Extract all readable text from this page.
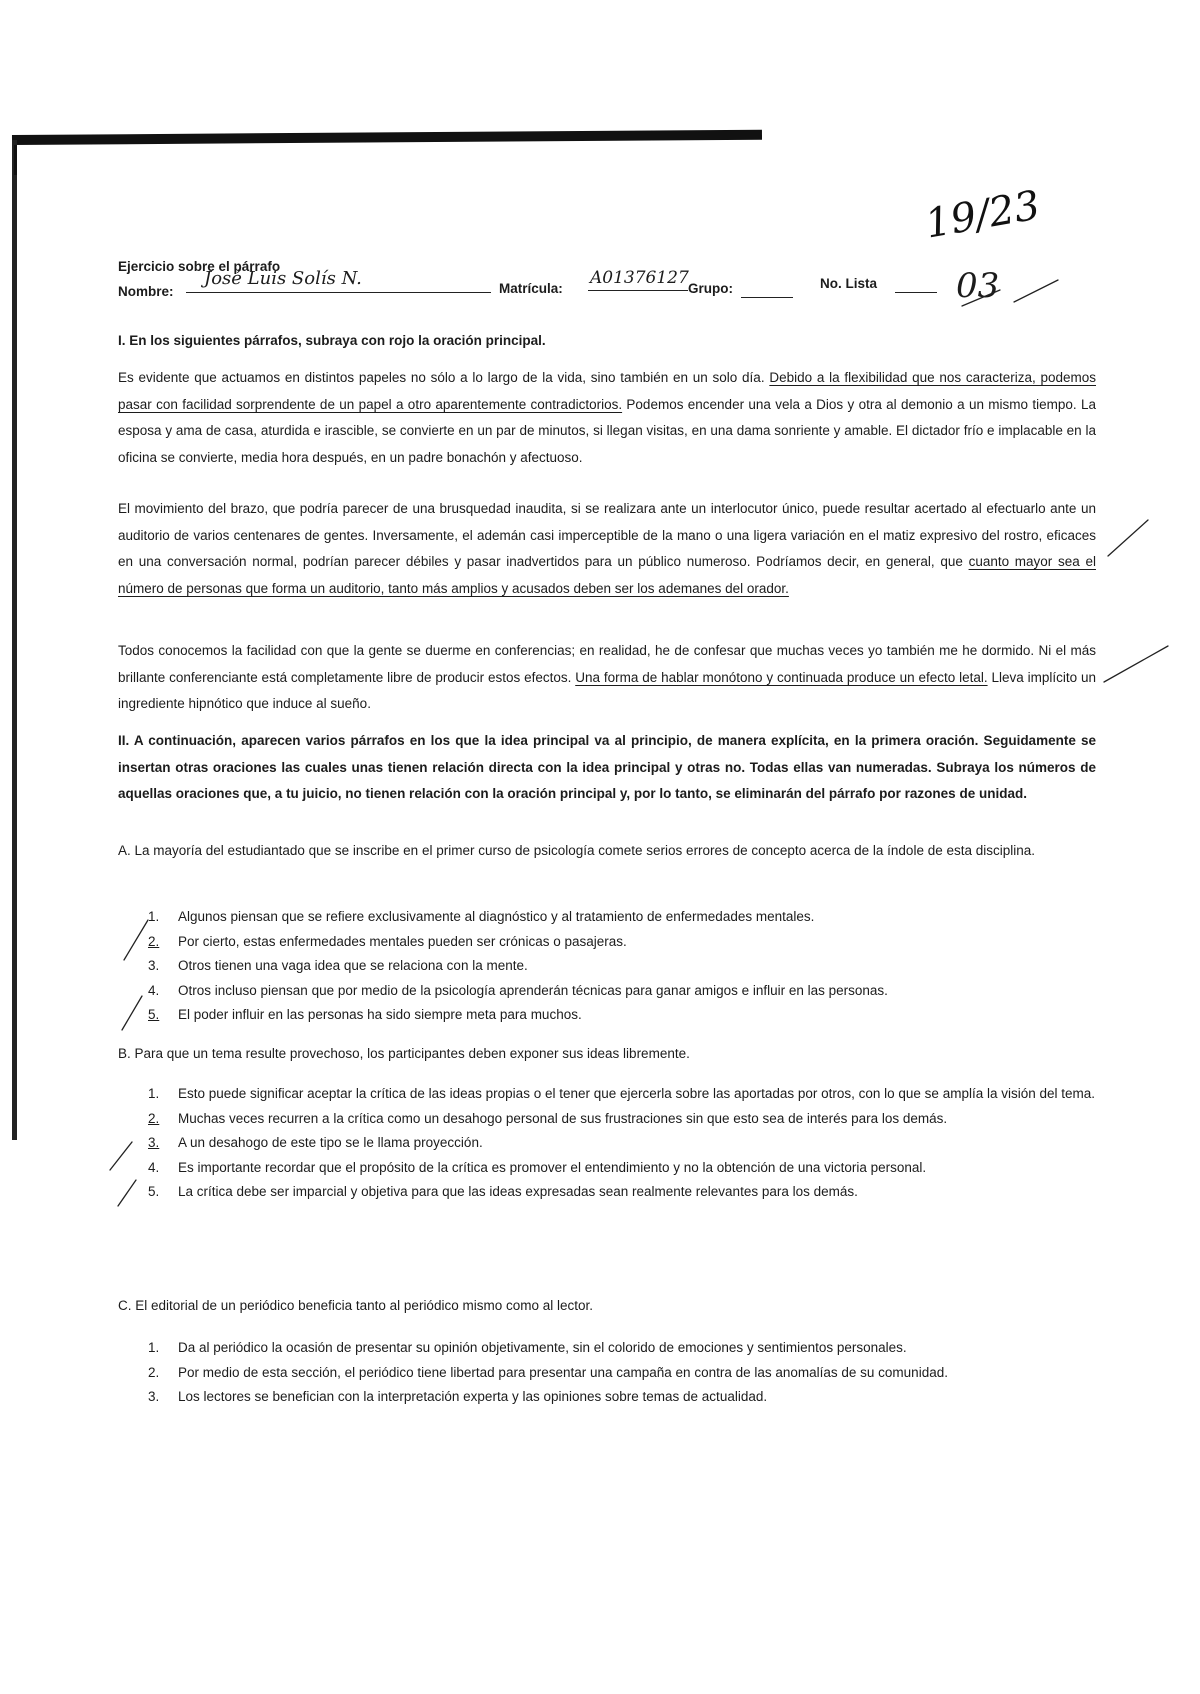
19/23
Ejercicio sobre el párrafo
Nombre:
José Luis Solís N.	Matrícula:
A01376127
Grupo:	No. Lista 03
I. En los siguientes párrafos, subraya con rojo la oración principal.
Es evidente que actuamos en distintos papeles no sólo a lo largo de la vida, sino también en un solo día. Debido a la flexibilidad que nos caracteriza, podemos pasar con facilidad sorprendente de un papel a otro aparentemente contradictorios. Podemos encender una vela a Dios y otra al demonio a un mismo tiempo. La esposa y ama de casa, aturdida e irascible, se convierte en un par de minutos, si llegan visitas, en una dama sonriente y amable. El dictador frío e implacable en la oficina se convierte, media hora después, en un padre bonachón y afectuoso.
El movimiento del brazo, que podría parecer de una brusquedad inaudita, si se realizara ante un interlocutor único, puede resultar acertado al efectuarlo ante un auditorio de varios centenares de gentes. Inversamente, el ademán casi imperceptible de la mano o una ligera variación en el matiz expresivo del rostro, eficaces en una conversación normal, podrían parecer débiles y pasar inadvertidos para un público numeroso. Podríamos decir, en general, que cuanto mayor sea el número de personas que forma un auditorio, tanto más amplios y acusados deben ser los ademanes del orador.
Todos conocemos la facilidad con que la gente se duerme en conferencias; en realidad, he de confesar que muchas veces yo también me he dormido. Ni el más brillante conferenciante está completamente libre de producir estos efectos. Una forma de hablar monótono y continuada produce un efecto letal. Lleva implícito un ingrediente hipnótico que induce al sueño.
II. A continuación, aparecen varios párrafos en los que la idea principal va al principio, de manera explícita, en la primera oración. Seguidamente se insertan otras oraciones las cuales unas tienen relación directa con la idea principal y otras no. Todas ellas van numeradas. Subraya los números de aquellas oraciones que, a tu juicio, no tienen relación con la oración principal y, por lo tanto, se eliminarán del párrafo por razones de unidad.
A. La mayoría del estudiantado que se inscribe en el primer curso de psicología comete serios errores de concepto acerca de la índole de esta disciplina.
1.	Algunos piensan que se refiere exclusivamente al diagnóstico y al tratamiento de enfermedades mentales.
2.	Por cierto, estas enfermedades mentales pueden ser crónicas o pasajeras.
3.	Otros tienen una vaga idea que se relaciona con la mente.
4.	Otros incluso piensan que por medio de la psicología aprenderán técnicas para ganar amigos e influir en las personas.
5.	El poder influir en las personas ha sido siempre meta para muchos.
B. Para que un tema resulte provechoso, los participantes deben exponer sus ideas libremente.
1.	Esto puede significar aceptar la crítica de las ideas propias o el tener que ejercerla sobre las aportadas por otros, con lo que se amplía la visión del tema.
2.	Muchas veces recurren a la crítica como un desahogo personal de sus frustraciones sin que esto sea de interés para los demás.
3.	A un desahogo de este tipo se le llama proyección.
4.	Es importante recordar que el propósito de la crítica es promover el entendimiento y no la obtención de una victoria personal.
5.	La crítica debe ser imparcial y objetiva para que las ideas expresadas sean realmente relevantes para los demás.
C. El editorial de un periódico beneficia tanto al periódico mismo como al lector.
1.	Da al periódico la ocasión de presentar su opinión objetivamente, sin el colorido de emociones y sentimientos personales.
2.	Por medio de esta sección, el periódico tiene libertad para presentar una campaña en contra de las anomalías de su comunidad.
3.	Los lectores se benefician con la interpretación experta y las opiniones sobre temas de actualidad.
